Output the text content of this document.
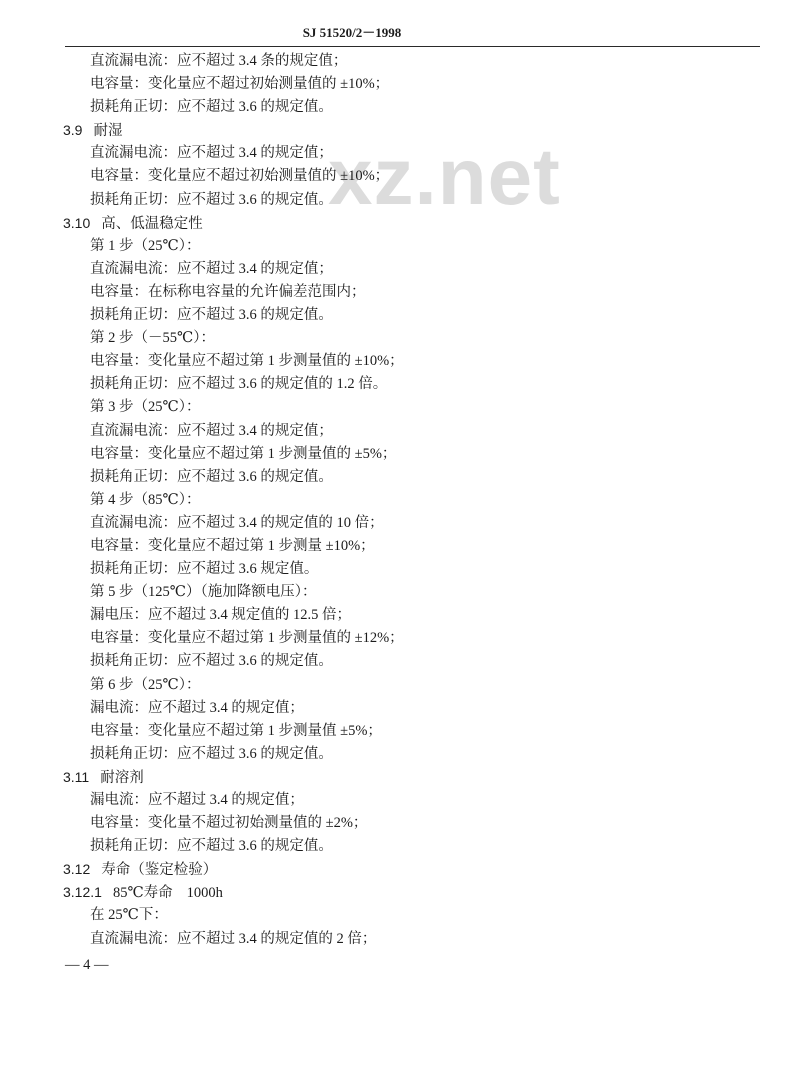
xz.net
SJ 51520/2－1998
直流漏电流：应不超过 3.4 条的规定值；
电容量：变化量应不超过初始测量值的 ±10%；
损耗角正切：应不超过 3.6 的规定值。
3.9 耐湿
直流漏电流：应不超过 3.4 的规定值；
电容量：变化量应不超过初始测量值的 ±10%；
损耗角正切：应不超过 3.6 的规定值。
3.10 高、低温稳定性
第 1 步（25℃）：
直流漏电流：应不超过 3.4 的规定值；
电容量：在标称电容量的允许偏差范围内；
损耗角正切：应不超过 3.6 的规定值。
第 2 步（－55℃）：
电容量：变化量应不超过第 1 步测量值的 ±10%；
损耗角正切：应不超过 3.6 的规定值的 1.2 倍。
第 3 步（25℃）：
直流漏电流：应不超过 3.4 的规定值；
电容量：变化量应不超过第 1 步测量值的 ±5%；
损耗角正切：应不超过 3.6 的规定值。
第 4 步（85℃）：
直流漏电流：应不超过 3.4 的规定值的 10 倍；
电容量：变化量应不超过第 1 步测量 ±10%；
损耗角正切：应不超过 3.6 规定值。
第 5 步（125℃）（施加降额电压）：
漏电压：应不超过 3.4 规定值的 12.5 倍；
电容量：变化量应不超过第 1 步测量值的 ±12%；
损耗角正切：应不超过 3.6 的规定值。
第 6 步（25℃）：
漏电流：应不超过 3.4 的规定值；
电容量：变化量应不超过第 1 步测量值 ±5%；
损耗角正切：应不超过 3.6 的规定值。
3.11 耐溶剂
漏电流：应不超过 3.4 的规定值；
电容量：变化量不超过初始测量值的 ±2%；
损耗角正切：应不超过 3.6 的规定值。
3.12 寿命（鉴定检验）
3.12.1 85℃寿命 1000h
在 25℃下：
直流漏电流：应不超过 3.4 的规定值的 2 倍；
— 4 —
